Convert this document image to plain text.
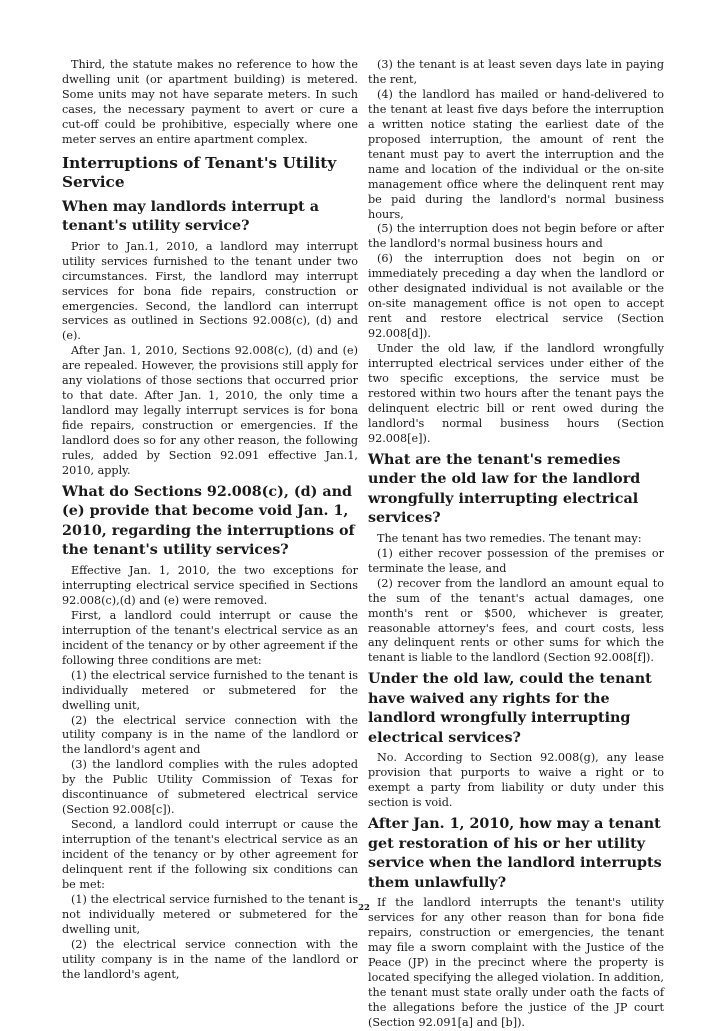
Third, the statute makes no reference to how the dwelling unit (or apartment building) is metered. Some units may not have separate meters. In such cases, the necessary payment to avert or cure a cut-off could be prohibitive, especially where one meter serves an entire apartment complex.

Interruptions of Tenant's Utility Service
When may landlords interrupt a tenant's utility service?

Prior to Jan.1, 2010, a landlord may interrupt utility services furnished to the tenant under two circumstances. First, the landlord may interrupt services for bona fide repairs, construction or emergencies. Second, the landlord can interrupt services as outlined in Sections 92.008(c), (d) and (e).

After Jan. 1, 2010, Sections 92.008(c), (d) and (e) are repealed. However, the provisions still apply for any violations of those sections that occurred prior to that date. After Jan. 1, 2010, the only time a landlord may legally interrupt services is for bona fide repairs, construction or emergencies. If the landlord does so for any other reason, the following rules, added by Section 92.091 effective Jan.1, 2010, apply.

What do Sections 92.008(c), (d) and (e) provide that become void Jan. 1, 2010, regarding the interruptions of the tenant's utility services?

Effective Jan. 1, 2010, the two exceptions for interrupting electrical service specified in Sections 92.008(c),(d) and (e) were removed.

First, a landlord could interrupt or cause the interruption of the tenant's electrical service as an incident of the tenancy or by other agreement if the following three conditions are met:

(1) the electrical service furnished to the tenant is individually metered or submetered for the dwelling unit,

(2) the electrical service connection with the utility company is in the name of the landlord or the landlord's agent and

(3) the landlord complies with the rules adopted by the Public Utility Commission of Texas for discontinuance of submetered electrical service (Section 92.008[c]).

Second, a landlord could interrupt or cause the interruption of the tenant's electrical service as an incident of the tenancy or by other agreement for delinquent rent if the following six conditions can be met:

(1) the electrical service furnished to the tenant is not individually metered or submetered for the dwelling unit,

(2) the electrical service connection with the utility company is in the name of the landlord or the landlord's agent,

(3) the tenant is at least seven days late in paying the rent,

(4) the landlord has mailed or hand-delivered to the tenant at least five days before the interruption a written notice stating the earliest date of the proposed interruption, the amount of rent the tenant must pay to avert the interruption and the name and location of the individual or the on-site management office where the delinquent rent may be paid during the landlord's normal business hours,

(5) the interruption does not begin before or after the landlord's normal business hours and

(6) the interruption does not begin on or immediately preceding a day when the landlord or other designated individual is not available or the on-site management office is not open to accept rent and restore electrical service (Section 92.008[d]).

Under the old law, if the landlord wrongfully interrupted electrical services under either of the two specific exceptions, the service must be restored within two hours after the tenant pays the delinquent electric bill or rent owed during the landlord's normal business hours (Section 92.008[e]).

What are the tenant's remedies under the old law for the landlord wrongfully interrupting electrical services?

The tenant has two remedies. The tenant may:

(1) either recover possession of the premises or terminate the lease, and

(2) recover from the landlord an amount equal to the sum of the tenant's actual damages, one month's rent or $500, whichever is greater, reasonable attorney's fees, and court costs, less any delinquent rents or other sums for which the tenant is liable to the landlord (Section 92.008[f]).

Under the old law, could the tenant have waived any rights for the landlord wrongfully interrupting electrical services?

No. According to Section 92.008(g), any lease provision that purports to waive a right or to exempt a party from liability or duty under this section is void.

After Jan. 1, 2010, how may a tenant get restoration of his or her utility service when the landlord interrupts them unlawfully?

If the landlord interrupts the tenant's utility services for any other reason than for bona fide repairs, construction or emergencies, the tenant may file a sworn complaint with the Justice of the Peace (JP) in the precinct where the property is located specifying the alleged violation. In addition, the tenant must state orally under oath the facts of the allegations before the justice of the JP court (Section 92.091[a] and [b]).

22
